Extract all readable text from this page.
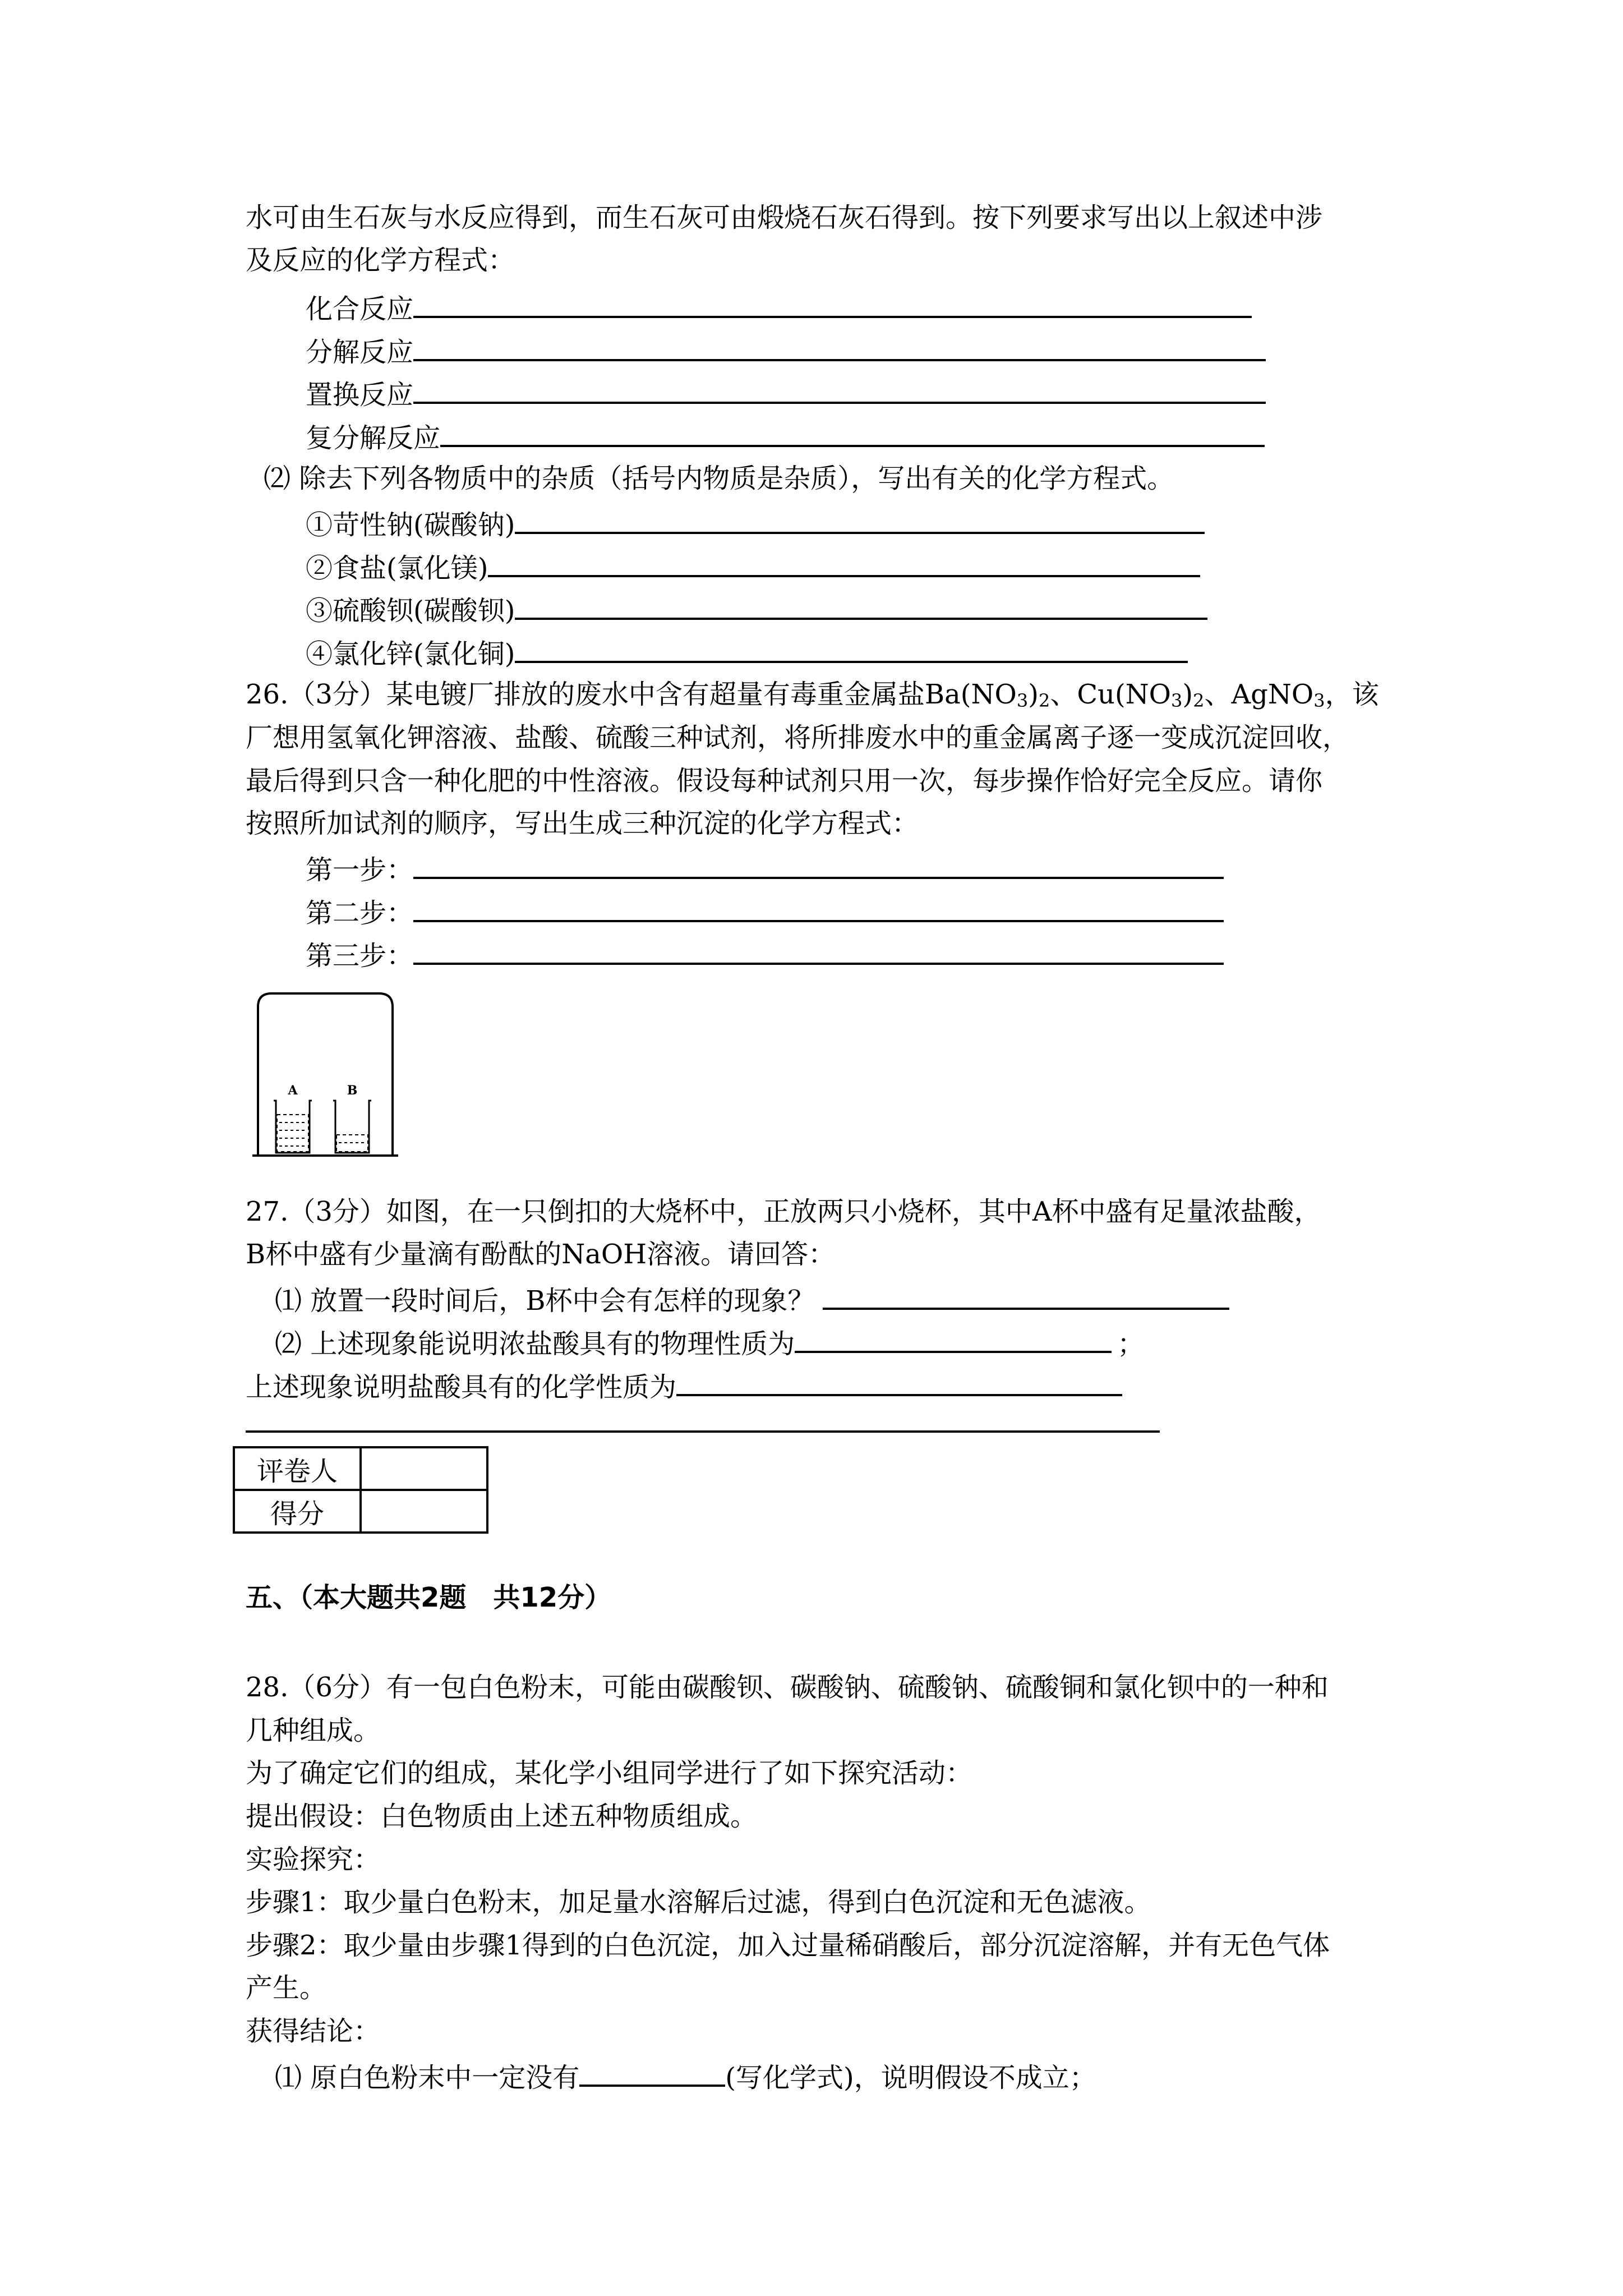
水可由生石灰与水反应得到，而生石灰可由煅烧石灰石得到。按下列要求写出以上叙述中涉
及反应的化学方程式：
化合反应
分解反应
置换反应
复分解反应
⑵ 除去下列各物质中的杂质（括号内物质是杂质），写出有关的化学方程式。
①苛性钠(碳酸钠)
②食盐(氯化镁)
③硫酸钡(碳酸钡)
④氯化锌(氯化铜)
26.（3分）某电镀厂排放的废水中含有超量有毒重金属盐$Ba(NO_3)_2$、$Cu(NO_3)_2$、AgNO$_3$，该
厂想用氢氧化钾溶液、盐酸、硫酸三种试剂，将所排废水中的重金属离子逐一变成沉淀回收，
最后得到只含一种化肥的中性溶液。假设每种试剂只用一次，每步操作恰好完全反应。请你
按照所加试剂的顺序，写出生成三种沉淀的化学方程式：
第一步：
第二步：
第三步：
A	B
27.（3分）如图，在一只倒扣的大烧杯中，正放两只小烧杯，其中A杯中盛有足量浓盐酸，
B杯中盛有少量滴有酚酞的NaOH溶液。请回答：
⑴ 放置一段时间后，B杯中会有怎样的现象？
⑵ 上述现象能说明浓盐酸具有的物理性质为	；
上述现象说明盐酸具有的化学性质为
评卷人	
得分	
五、（本大题共2题　共12分）
28.（6分）有一包白色粉末，可能由碳酸钡、碳酸钠、硫酸钠、硫酸铜和氯化钡中的一种和
几种组成。
为了确定它们的组成，某化学小组同学进行了如下探究活动：
提出假设：白色物质由上述五种物质组成。
实验探究：
步骤1：取少量白色粉末，加足量水溶解后过滤，得到白色沉淀和无色滤液。
步骤2：取少量由步骤1得到的白色沉淀，加入过量稀硝酸后，部分沉淀溶解，并有无色气体
产生。
获得结论：
⑴ 原白色粉末中一定没有	(写化学式)，说明假设不成立；
